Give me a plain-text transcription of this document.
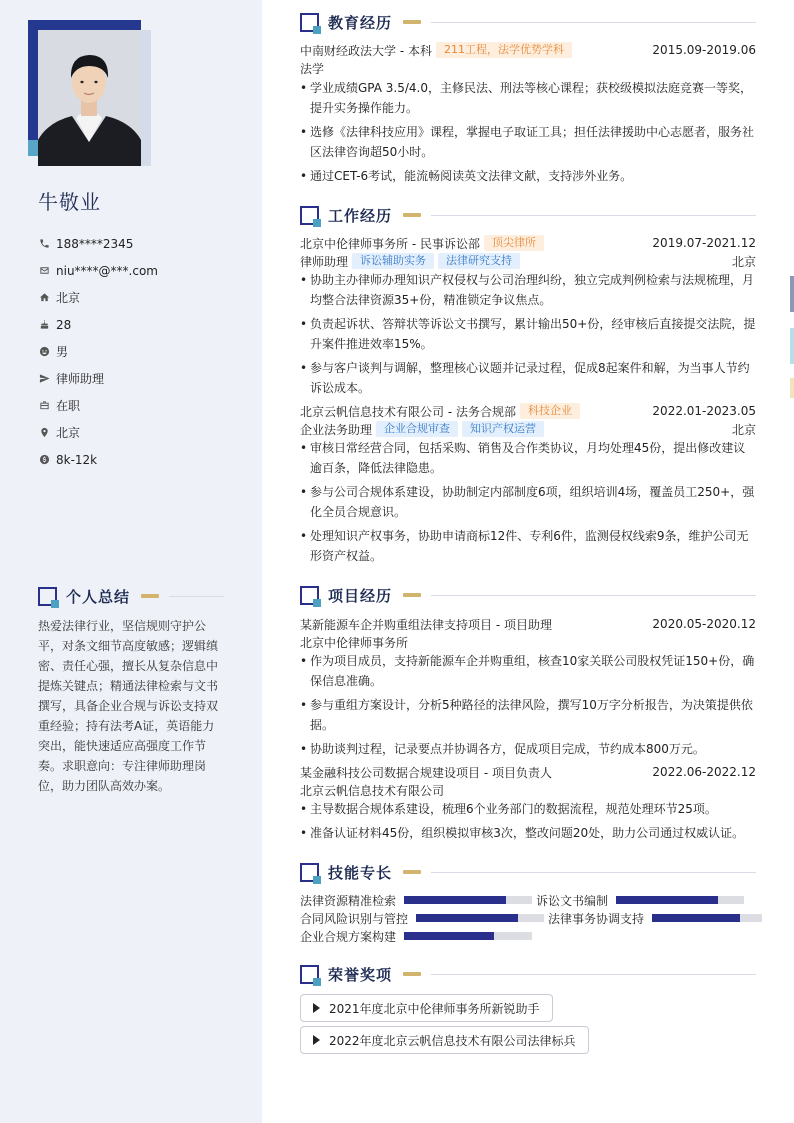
牛敬业
188****2345
niu****@***.com
北京
28
男
律师助理
在职
北京
8k-12k
个人总结
热爱法律行业，坚信规则守护公平，对条文细节高度敏感；逻辑缜密、责任心强，擅长从复杂信息中提炼关键点；精通法律检索与文书撰写，具备企业合规与诉讼支持双重经验；持有法考A证，英语能力突出，能快速适应高强度工作节奏。求职意向：专注律师助理岗位，助力团队高效办案。
教育经历
中南财经政法大学 - 本科	211工程，法学优势学科	2015.09-2019.06
法学
• 学业成绩GPA 3.5/4.0，主修民法、刑法等核心课程；获校级模拟法庭竞赛一等奖，提升实务操作能力。
• 选修《法律科技应用》课程，掌握电子取证工具；担任法律援助中心志愿者，服务社区法律咨询超50小时。
• 通过CET-6考试，能流畅阅读英文法律文献，支持涉外业务。
工作经历
北京中伦律师事务所 - 民事诉讼部	顶尖律所	2019.07-2021.12
律师助理	诉讼辅助实务	法律研究支持	北京
• 协助主办律师办理知识产权侵权与公司治理纠纷，独立完成判例检索与法规梳理，月均整合法律资源35+份，精准锁定争议焦点。
• 负责起诉状、答辩状等诉讼文书撰写，累计输出50+份，经审核后直接提交法院，提升案件推进效率15%。
• 参与客户谈判与调解，整理核心议题并记录过程，促成8起案件和解，为当事人节约诉讼成本。
北京云帆信息技术有限公司 - 法务合规部	科技企业	2022.01-2023.05
企业法务助理	企业合规审查	知识产权运营	北京
• 审核日常经营合同，包括采购、销售及合作类协议，月均处理45份，提出修改建议逾百条，降低法律隐患。
• 参与公司合规体系建设，协助制定内部制度6项，组织培训4场，覆盖员工250+，强化全员合规意识。
• 处理知识产权事务，协助申请商标12件、专利6件，监测侵权线索9条，维护公司无形资产权益。
项目经历
某新能源车企并购重组法律支持项目 - 项目助理	2020.05-2020.12
北京中伦律师事务所
• 作为项目成员，支持新能源车企并购重组，核查10家关联公司股权凭证150+份，确保信息准确。
• 参与重组方案设计，分析5种路径的法律风险，撰写10万字分析报告，为决策提供依据。
• 协助谈判过程，记录要点并协调各方，促成项目完成，节约成本800万元。
某金融科技公司数据合规建设项目 - 项目负责人	2022.06-2022.12
北京云帆信息技术有限公司
• 主导数据合规体系建设，梳理6个业务部门的数据流程，规范处理环节25项。
• 准备认证材料45份，组织模拟审核3次，整改问题20处，助力公司通过权威认证。
技能专长
法律资源精准检索	诉讼文书编制
合同风险识别与管控	法律事务协调支持
企业合规方案构建
荣誉奖项
2021年度北京中伦律师事务所新锐助手
2022年度北京云帆信息技术有限公司法律标兵
